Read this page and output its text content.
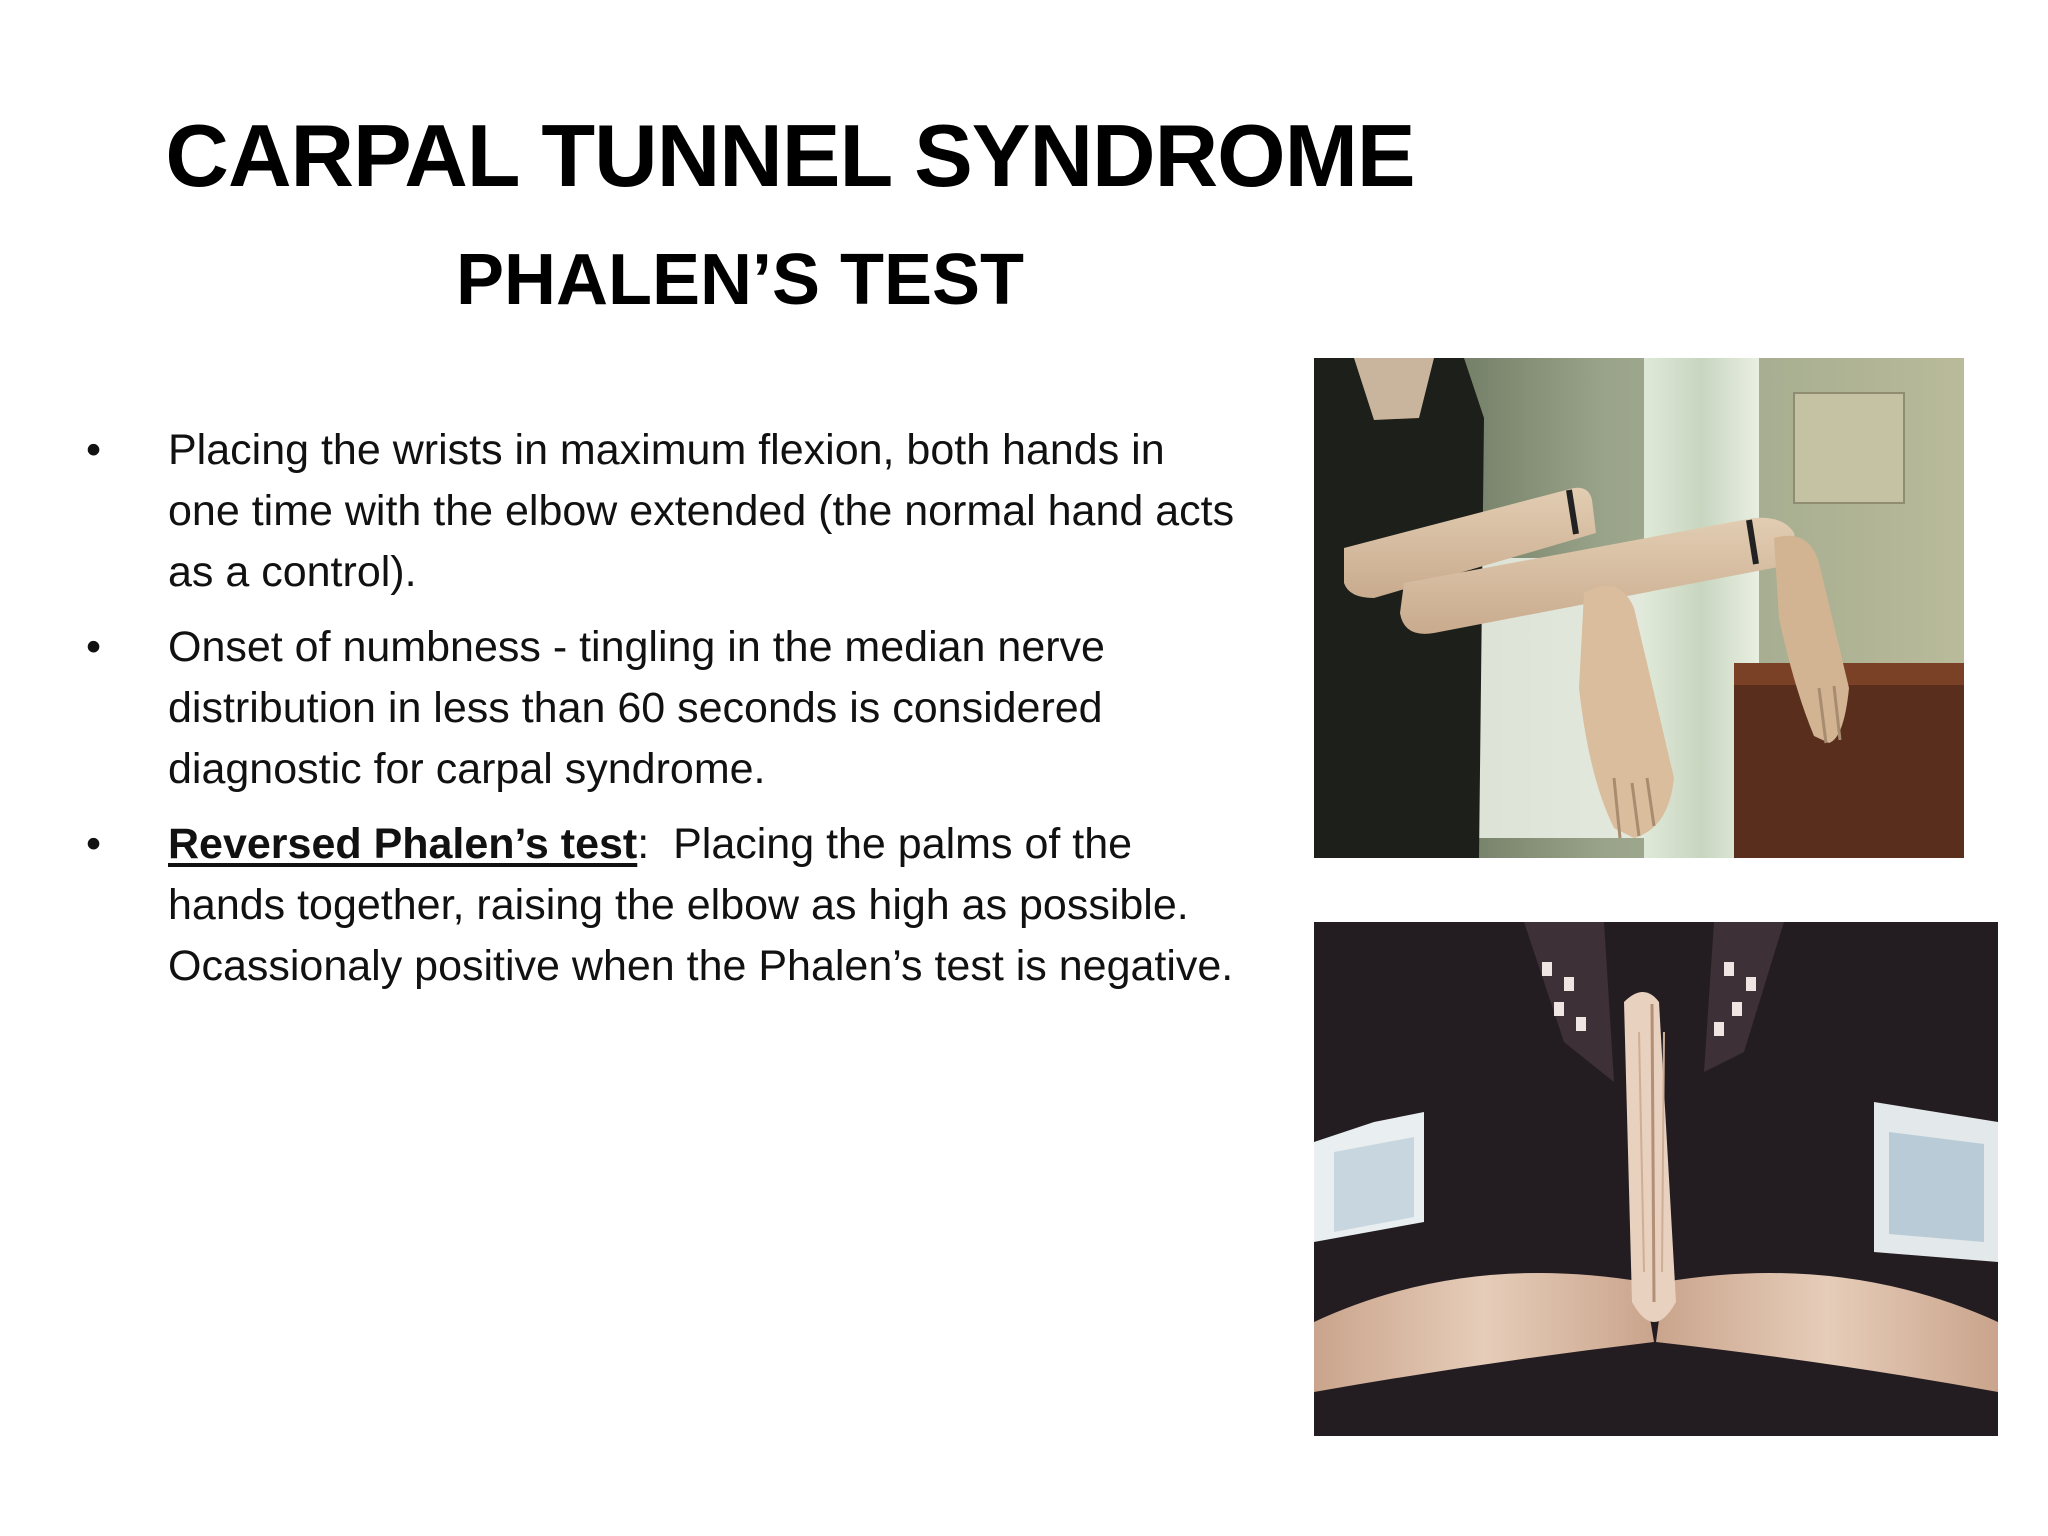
CARPAL TUNNEL SYNDROME
PHALEN’S TEST
• Placing the wrists in maximum flexion, both hands in one time with the elbow extended (the normal hand acts as a control).
• Onset of numbness - tingling in the median nerve distribution in less than 60 seconds is considered diagnostic for carpal syndrome.
• Reversed Phalen’s test:  Placing the palms of the hands together, raising the elbow as high as possible. Ocassionaly positive when the Phalen’s test is negative.
